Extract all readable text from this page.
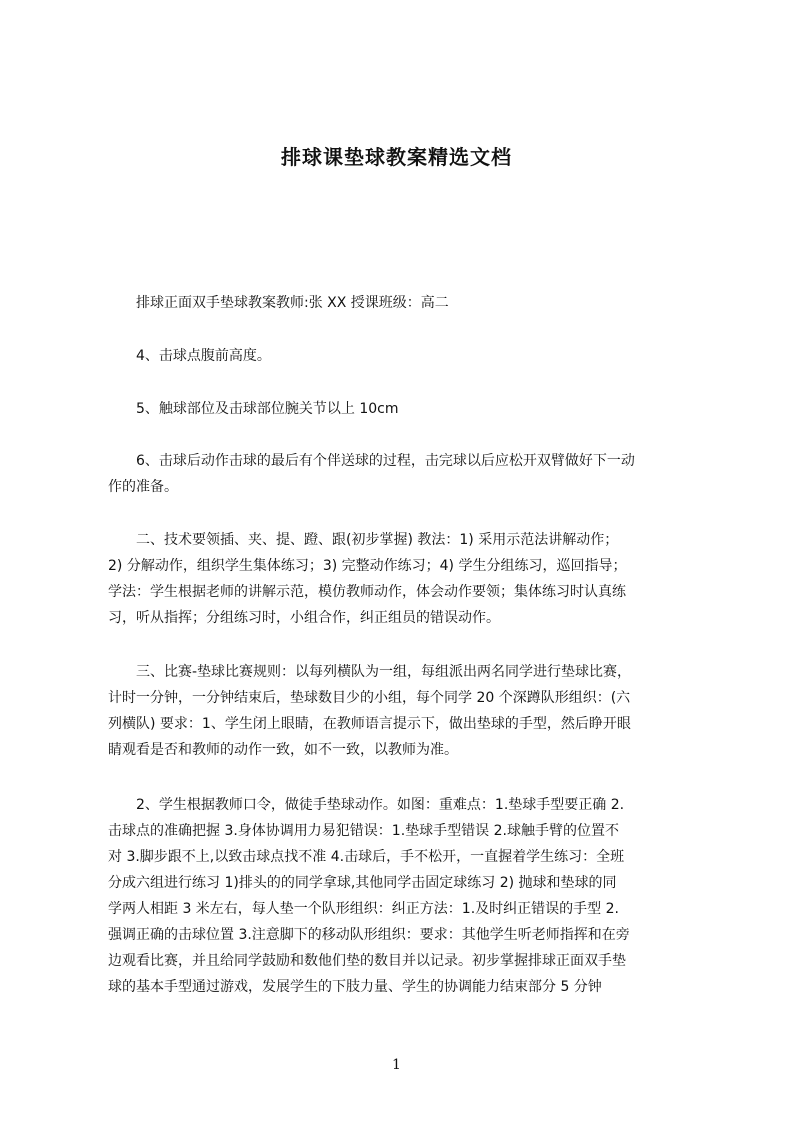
排球课垫球教案精选文档

排球正面双手垫球教案教师:张 XX 授课班级：高二

4、击球点腹前高度。

5、触球部位及击球部位腕关节以上 10cm

6、击球后动作击球的最后有个伴送球的过程，击完球以后应松开双臂做好下一动
作的准备。

二、技术要领插、夹、提、蹬、跟(初步掌握) 教法：1) 采用示范法讲解动作；
2) 分解动作，组织学生集体练习；3) 完整动作练习；4) 学生分组练习，巡回指导；
学法：学生根据老师的讲解示范，模仿教师动作，体会动作要领；集体练习时认真练
习，听从指挥；分组练习时，小组合作，纠正组员的错误动作。

三、比赛-垫球比赛规则：以每列横队为一组，每组派出两名同学进行垫球比赛，
计时一分钟，一分钟结束后，垫球数目少的小组，每个同学 20 个深蹲队形组织：(六
列横队) 要求：1、学生闭上眼睛，在教师语言提示下，做出垫球的手型，然后睁开眼
睛观看是否和教师的动作一致，如不一致，以教师为准。

2、学生根据教师口令，做徒手垫球动作。如图：重难点：1.垫球手型要正确 2.
击球点的准确把握 3.身体协调用力易犯错误：1.垫球手型错误 2.球触手臂的位置不
对 3.脚步跟不上,以致击球点找不准 4.击球后，手不松开，一直握着学生练习：全班
分成六组进行练习 1)排头的的同学拿球,其他同学击固定球练习 2) 抛球和垫球的同
学两人相距 3 米左右，每人垫一个队形组织：纠正方法：1.及时纠正错误的手型 2.
强调正确的击球位置 3.注意脚下的移动队形组织：要求：其他学生听老师指挥和在旁
边观看比赛，并且给同学鼓励和数他们垫的数目并以记录。初步掌握排球正面双手垫
球的基本手型通过游戏，发展学生的下肢力量、学生的协调能力结束部分 5 分钟

1
